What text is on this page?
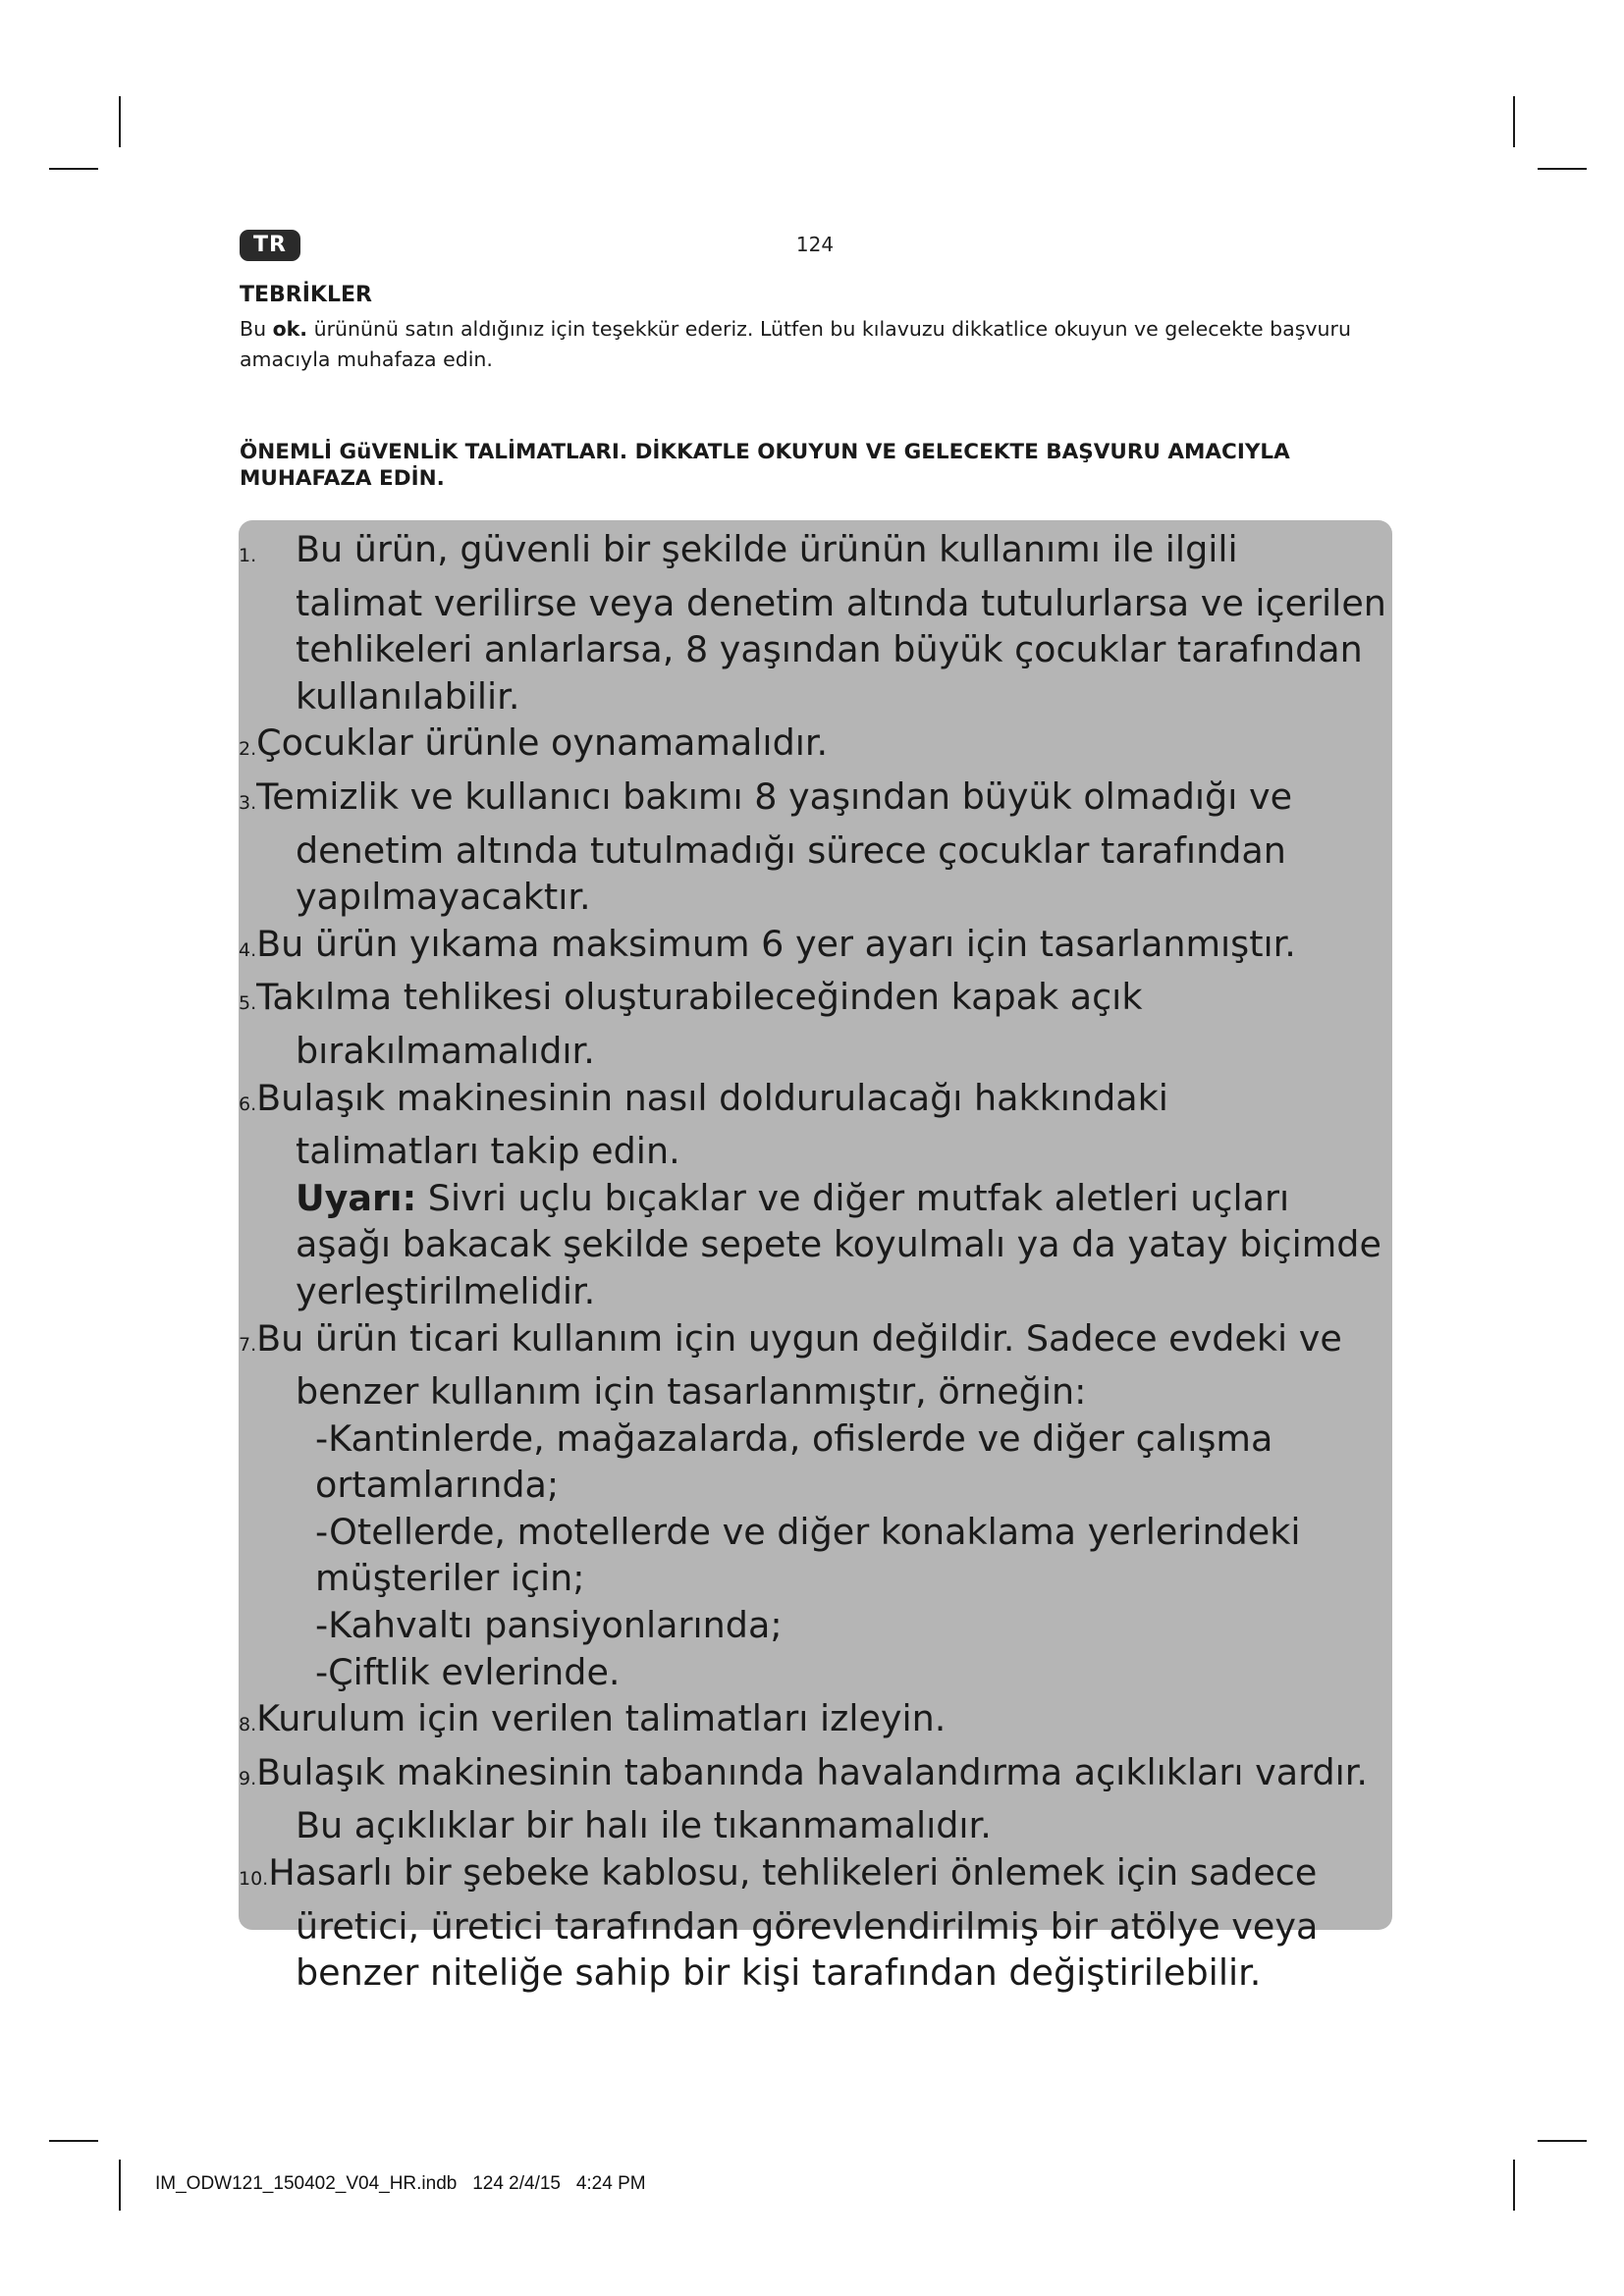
TR	124

TEBRİKLER

Bu ok. ürününü satın aldığınız için teşekkür ederiz. Lütfen bu kılavuzu dikkatlice okuyun ve gelecekte başvuru amacıyla muhafaza edin.

ÖNEMLİ GüVENLİK TALİMATLARI. DİKKATLE OKUYUN VE GELECEKTE BAŞVURU AMACIYLA MUHAFAZA EDİN.

1. Bu ürün, güvenli bir şekilde ürünün kullanımı ile ilgili
talimat verilirse veya denetim altında tutulurlarsa ve içerilen
tehlikeleri anlarlarsa, 8 yaşından büyük çocuklar tarafından
kullanılabilir.
2.Çocuklar ürünle oynamamalıdır.
3.Temizlik ve kullanıcı bakımı 8 yaşından büyük olmadığı ve
denetim altında tutulmadığı sürece çocuklar tarafından
yapılmayacaktır.
4.Bu ürün yıkama maksimum 6 yer ayarı için tasarlanmıştır.
5.Takılma tehlikesi oluşturabileceğinden kapak açık
bırakılmamalıdır.
6.Bulaşık makinesinin nasıl doldurulacağı hakkındaki
talimatları takip edin.
Uyarı: Sivri uçlu bıçaklar ve diğer mutfak aletleri uçları
aşağı bakacak şekilde sepete koyulmalı ya da yatay biçimde
yerleştirilmelidir.
7.Bu ürün ticari kullanım için uygun değildir. Sadece evdeki ve
benzer kullanım için tasarlanmıştır, örneğin:
-Kantinlerde, mağazalarda, ofislerde ve diğer çalışma
ortamlarında;
-Otellerde, motellerde ve diğer konaklama yerlerindeki
müşteriler için;
-Kahvaltı pansiyonlarında;
-Çiftlik evlerinde.
8.Kurulum için verilen talimatları izleyin.
9.Bulaşık makinesinin tabanında havalandırma açıklıkları vardır.
Bu açıklıklar bir halı ile tıkanmamalıdır.
10.Hasarlı bir şebeke kablosu, tehlikeleri önlemek için sadece
üretici, üretici tarafından görevlendirilmiş bir atölye veya
benzer niteliğe sahip bir kişi tarafından değiştirilebilir.
IM_ODW121_150402_V04_HR.indb   124 2/4/15   4:24 PM
